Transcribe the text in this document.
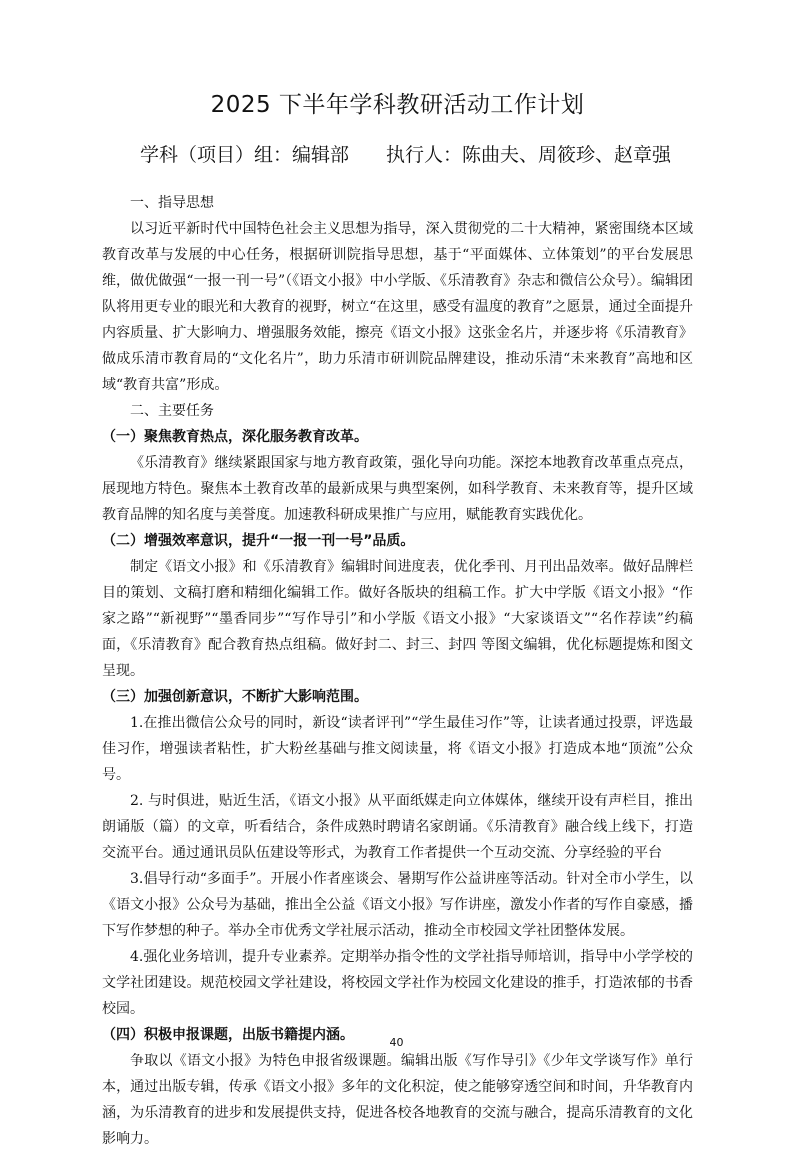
2025 下半年学科教研活动工作计划
学科（项目）组：编辑部 执行人：陈曲夫、周筱珍、赵章强

一、指导思想

以习近平新时代中国特色社会主义思想为指导，深入贯彻党的二十大精神，紧密围绕本区域教育改革与发展的中心任务，根据研训院指导思想，基于“平面媒体、立体策划”的平台发展思维，做优做强“一报一刊一号”（《语文小报》中小学版、《乐清教育》杂志和微信公众号）。编辑团队将用更专业的眼光和大教育的视野，树立“在这里，感受有温度的教育”之愿景，通过全面提升内容质量、扩大影响力、增强服务效能，擦亮《语文小报》这张金名片，并逐步将《乐清教育》做成乐清市教育局的“文化名片”，助力乐清市研训院品牌建设，推动乐清“未来教育”高地和区域“教育共富”形成。

二、主要任务

（一）聚焦教育热点，深化服务教育改革。

《乐清教育》继续紧跟国家与地方教育政策，强化导向功能。深挖本地教育改革重点亮点，展现地方特色。聚焦本土教育改革的最新成果与典型案例，如科学教育、未来教育等，提升区域教育品牌的知名度与美誉度。加速教科研成果推广与应用，赋能教育实践优化。

（二）增强效率意识，提升“一报一刊一号”品质。

制定《语文小报》和《乐清教育》编辑时间进度表，优化季刊、月刊出品效率。做好品牌栏目的策划、文稿打磨和精细化编辑工作。做好各版块的组稿工作。扩大中学版《语文小报》“作家之路”“新视野”“墨香同步”“写作导引”和小学版《语文小报》“大家谈语文”“名作荐读”约稿面，《乐清教育》配合教育热点组稿。做好封二、封三、封四 等图文编辑，优化标题提炼和图文呈现。

（三）加强创新意识，不断扩大影响范围。

1.在推出微信公众号的同时，新设“读者评刊”“学生最佳习作”等，让读者通过投票，评选最佳习作，增强读者粘性，扩大粉丝基础与推文阅读量，将《语文小报》打造成本地“顶流”公众号。

2. 与时俱进，贴近生活，《语文小报》从平面纸媒走向立体媒体，继续开设有声栏目，推出朗诵版（篇）的文章，听看结合，条件成熟时聘请名家朗诵。《乐清教育》融合线上线下，打造交流平台。通过通讯员队伍建设等形式，为教育工作者提供一个互动交流、分享经验的平台

3.倡导行动“多面手”。开展小作者座谈会、暑期写作公益讲座等活动。针对全市小学生，以《语文小报》公众号为基础，推出全公益《语文小报》写作讲座，激发小作者的写作自豪感，播下写作梦想的种子。举办全市优秀文学社展示活动，推动全市校园文学社团整体发展。

4.强化业务培训，提升专业素养。定期举办指令性的文学社指导师培训，指导中小学学校的文学社团建设。规范校园文学社建设，将校园文学社作为校园文化建设的推手，打造浓郁的书香校园。

（四）积极申报课题，出版书籍提内涵。

争取以《语文小报》为特色申报省级课题。编辑出版《写作导引》《少年文学谈写作》单行本，通过出版专辑，传承《语文小报》多年的文化积淀，使之能够穿透空间和时间，升华教育内涵，为乐清教育的进步和发展提供支持，促进各校各地教育的交流与融合，提高乐清教育的文化影响力。

40
